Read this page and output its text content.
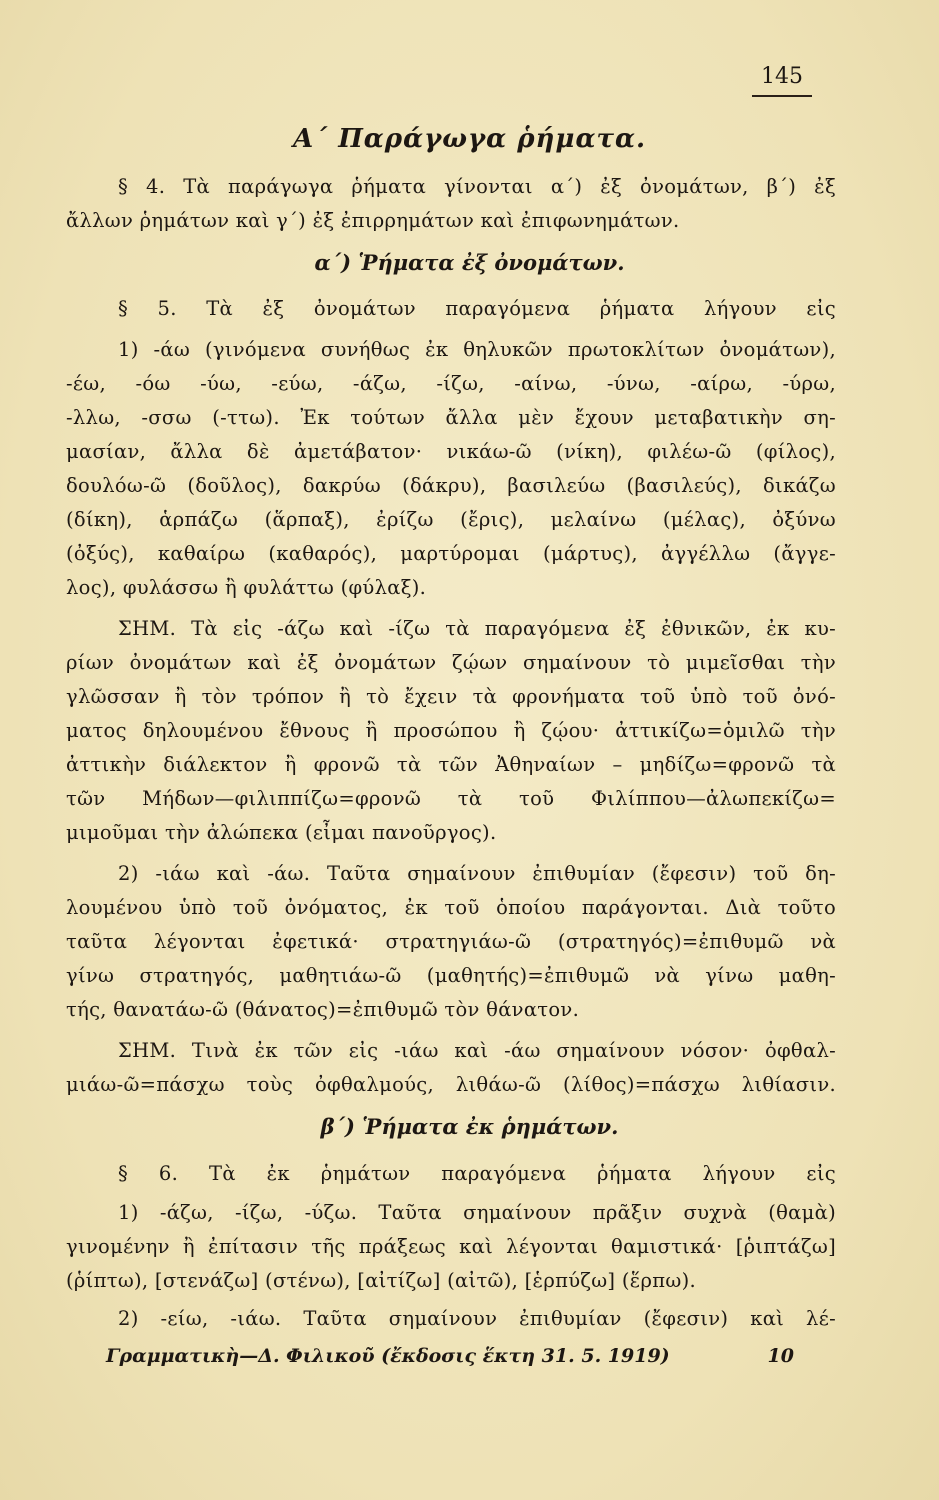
145
Α΄ Παράγωγα ῥήματα.
§ 4. Τὰ παράγωγα ῥήματα γίνονται α΄) ἐξ ὀνομάτων, β΄) ἐξ
ἄλλων ῥημάτων καὶ γ΄) ἐξ ἐπιρρημάτων καὶ ἐπιφωνημάτων.
α΄) Ῥήματα ἐξ ὀνομάτων.
§ 5. Τὰ ἐξ ὀνομάτων παραγόμενα ῥήματα λήγουν εἰς
1) -άω (γινόμενα συνήθως ἐκ θηλυκῶν πρωτοκλίτων ὀνομάτων),
-έω, -όω -ύω, -εύω, -άζω, -ίζω, -αίνω, -ύνω, -αίρω, -ύρω,
-λλω, -σσω (-ττω). Ἐκ τούτων ἄλλα μὲν ἔχουν μεταβατικὴν ση-
μασίαν, ἄλλα δὲ ἀμετάβατον· νικάω-ῶ (νίκη), φιλέω-ῶ (φίλος),
δουλόω-ῶ (δοῦλος), δακρύω (δάκρυ), βασιλεύω (βασιλεύς), δικάζω
(δίκη), ἁρπάζω (ἅρπαξ), ἐρίζω (ἔρις), μελαίνω (μέλας), ὀξύνω
(ὀξύς), καθαίρω (καθαρός), μαρτύρομαι (μάρτυς), ἀγγέλλω (ἄγγε-
λος), φυλάσσω ἢ φυλάττω (φύλαξ).
ΣΗΜ. Τὰ εἰς -άζω καὶ -ίζω τὰ παραγόμενα ἐξ ἐθνικῶν, ἐκ κυ-
ρίων ὀνομάτων καὶ ἐξ ὀνομάτων ζῴων σημαίνουν τὸ μιμεῖσθαι τὴν
γλῶσσαν ἢ τὸν τρόπον ἢ τὸ ἔχειν τὰ φρονήματα τοῦ ὑπὸ τοῦ ὀνό-
ματος δηλουμένου ἔθνους ἢ προσώπου ἢ ζῴου· ἀττικίζω=ὁμιλῶ τὴν
ἀττικὴν διάλεκτον ἢ φρονῶ τὰ τῶν Ἀθηναίων – μηδίζω=φρονῶ τὰ
τῶν Μήδων—φιλιππίζω=φρονῶ τὰ τοῦ Φιλίππου—ἀλωπεκίζω=
μιμοῦμαι τὴν ἀλώπεκα (εἶμαι πανοῦργος).
2) -ιάω καὶ -άω. Ταῦτα σημαίνουν ἐπιθυμίαν (ἔφεσιν) τοῦ δη-
λουμένου ὑπὸ τοῦ ὀνόματος, ἐκ τοῦ ὁποίου παράγονται. Διὰ τοῦτο
ταῦτα λέγονται ἐφετικά· στρατηγιάω-ῶ (στρατηγός)=ἐπιθυμῶ νὰ
γίνω στρατηγός, μαθητιάω-ῶ (μαθητής)=ἐπιθυμῶ νὰ γίνω μαθη-
τής, θανατάω-ῶ (θάνατος)=ἐπιθυμῶ τὸν θάνατον.
ΣΗΜ. Τινὰ ἐκ τῶν εἰς -ιάω καὶ -άω σημαίνουν νόσον· ὀφθαλ-
μιάω-ῶ=πάσχω τοὺς ὀφθαλμούς, λιθάω-ῶ (λίθος)=πάσχω λιθίασιν.
β΄) Ῥήματα ἐκ ῥημάτων.
§ 6. Τὰ ἐκ ῥημάτων παραγόμενα ῥήματα λήγουν εἰς
1) -άζω, -ίζω, -ύζω. Ταῦτα σημαίνουν πρᾶξιν συχνὰ (θαμὰ)
γινομένην ἢ ἐπίτασιν τῆς πράξεως καὶ λέγονται θαμιστικά· [ῥιπτάζω]
(ῥίπτω), [στενάζω] (στένω), [αἰτίζω] (αἰτῶ), [ἑρπύζω] (ἕρπω).
2) -είω, -ιάω. Ταῦτα σημαίνουν ἐπιθυμίαν (ἔφεσιν) καὶ λέ-
Γραμματικὴ—Δ. Φιλικοῦ (ἔκδοσις ἕκτη 31. 5. 1919)	10
